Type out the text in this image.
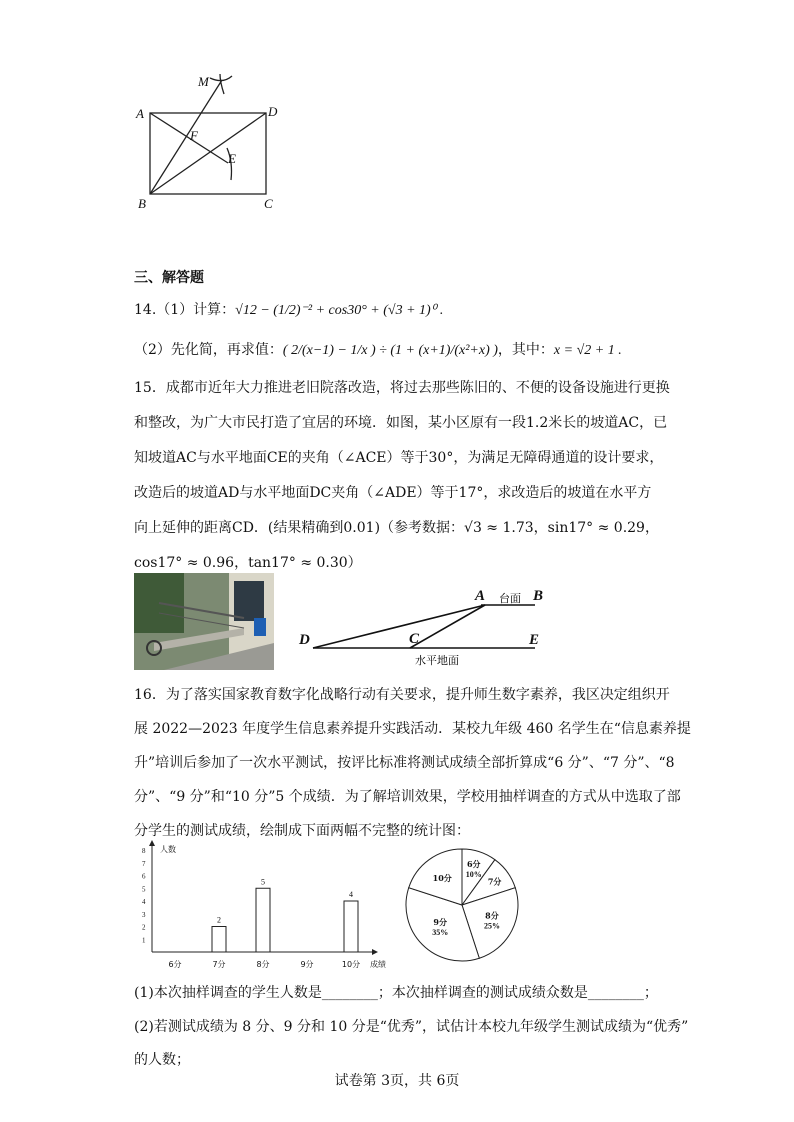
M
A	D
F
E
B	C
三、解答题
14.（1）计算：√12 − (1/2)⁻² + cos30° + (√3 + 1)⁰ .
（2）先化简，再求值：( 2/(x−1) − 1/x ) ÷ (1 + (x+1)/(x²+x) )，其中：x = √2 + 1 .
15．成都市近年大力推进老旧院落改造，将过去那些陈旧的、不便的设备设施进行更换
和整改，为广大市民打造了宜居的环境．如图，某小区原有一段1.2米长的坡道AC，已
知坡道AC与水平地面CE的夹角（∠ACE）等于30°，为满足无障碍通道的设计要求，
改造后的坡道AD与水平地面DC夹角（∠ADE）等于17°，求改造后的坡道在水平方
向上延伸的距离CD．(结果精确到0.01)（参考数据：√3 ≈ 1.73，sin17° ≈ 0.29，
cos17° ≈ 0.96，tan17° ≈ 0.30）
A	B
C
D	E
台面
水平地面
16．为了落实国家教育数字化战略行动有关要求，提升师生数字素养，我区决定组织开
展 2022—2023 年度学生信息素养提升实践活动．某校九年级 460 名学生在“信息素养提
升”培训后参加了一次水平测试，按评比标准将测试成绩全部折算成“6 分”、“7 分”、“8
分”、“9 分”和“10 分”5 个成绩．为了解培训效果，学校用抽样调查的方式从中选取了部
分学生的测试成绩，绘制成下面两幅不完整的统计图：
1
2
3
4
5
6
7
8 人数
成绩
6分	7分
2
8分
5
9分	10分
4
6分
10%
7分
8分
25%
9分
35%
10分
(1)本次抽样调查的学生人数是________；本次抽样调查的测试成绩众数是________；
(2)若测试成绩为 8 分、9 分和 10 分是“优秀”，试估计本校九年级学生测试成绩为“优秀”
的人数；
试卷第 3页，共 6页
